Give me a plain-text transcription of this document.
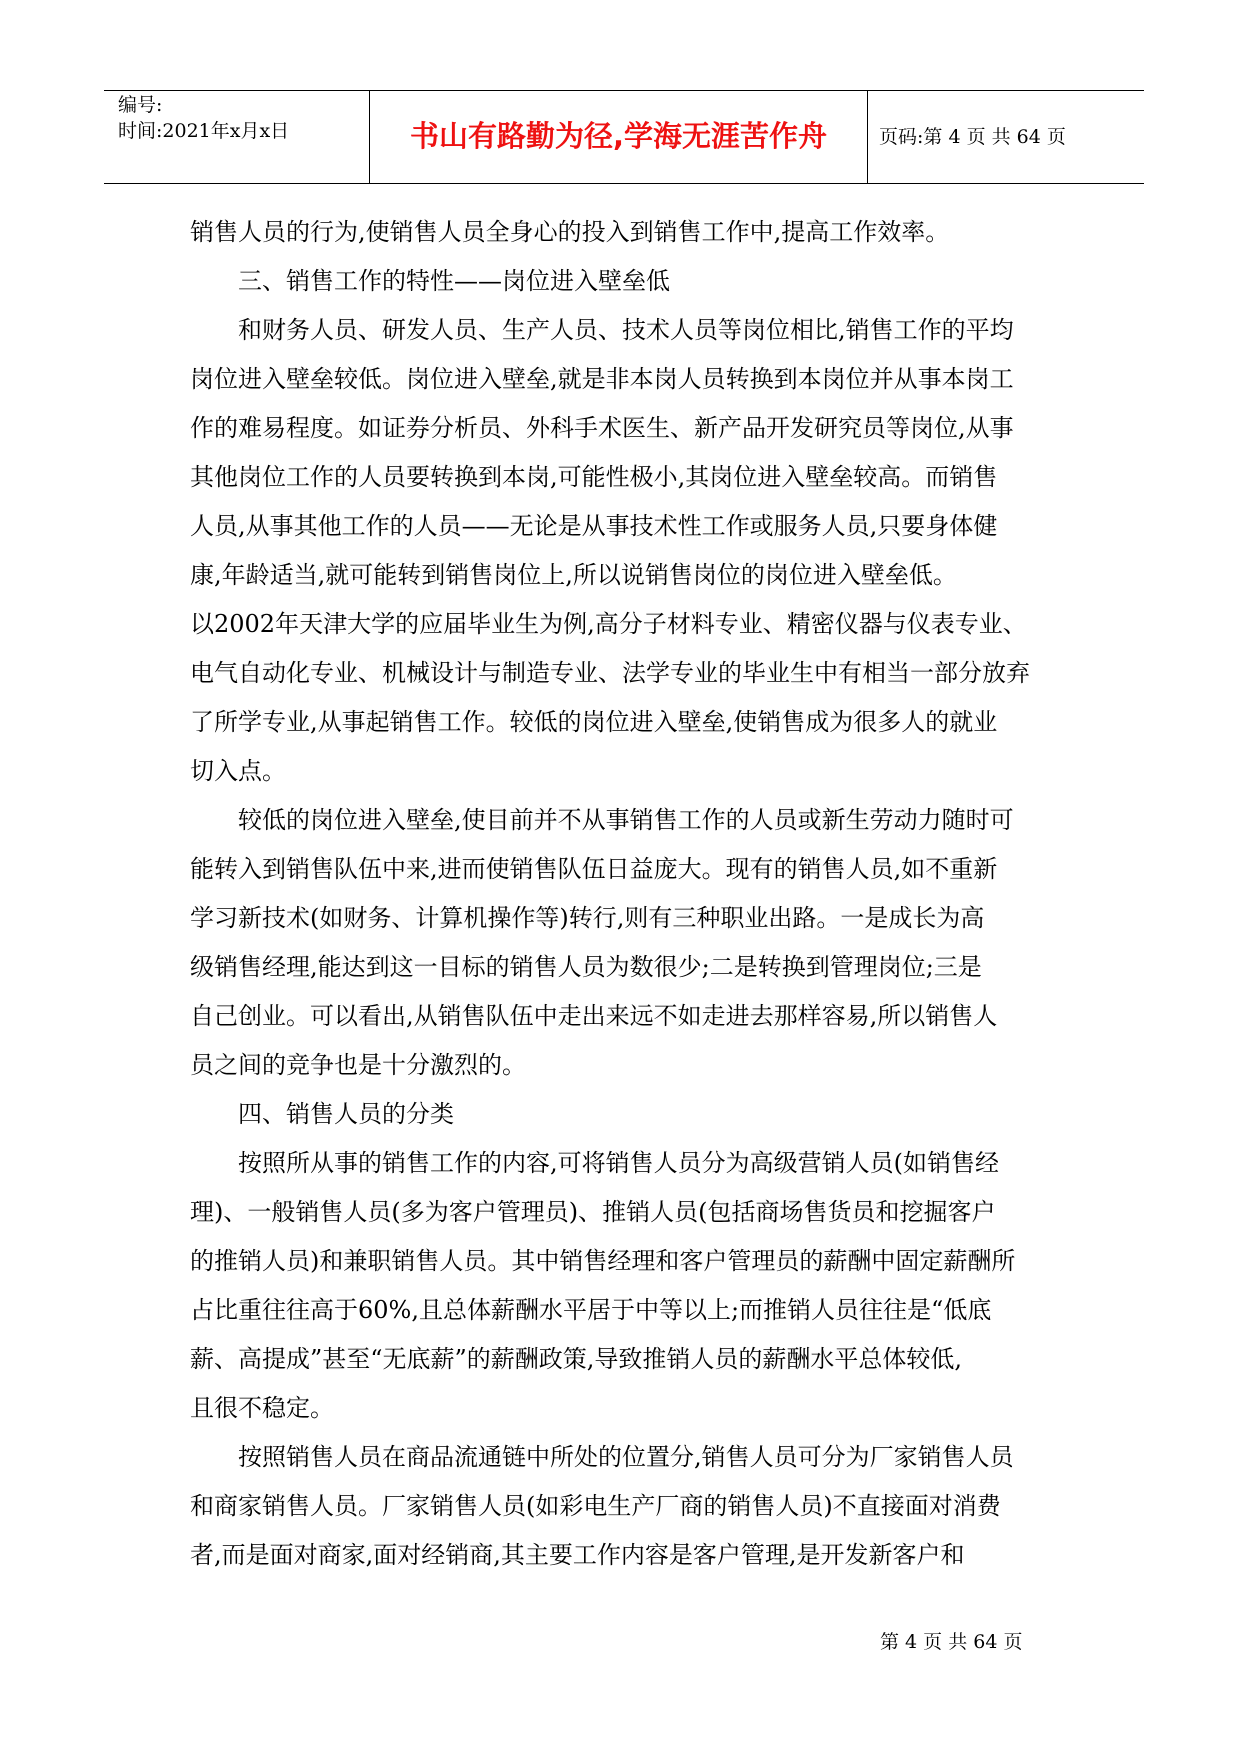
编号:
时间:2021年x月x日	书山有路勤为径,学海无涯苦作舟	页码:第 4 页 共 64 页

销售人员的行为,使销售人员全身心的投入到销售工作中,提高工作效率。

三、销售工作的特性——岗位进入壁垒低

和财务人员、研发人员、生产人员、技术人员等岗位相比,销售工作的平均

岗位进入壁垒较低。岗位进入壁垒,就是非本岗人员转换到本岗位并从事本岗工

作的难易程度。如证券分析员、外科手术医生、新产品开发研究员等岗位,从事

其他岗位工作的人员要转换到本岗,可能性极小,其岗位进入壁垒较高。而销售

人员,从事其他工作的人员——无论是从事技术性工作或服务人员,只要身体健

康,年龄适当,就可能转到销售岗位上,所以说销售岗位的岗位进入壁垒低。

以2002年天津大学的应届毕业生为例,高分子材料专业、精密仪器与仪表专业、

电气自动化专业、机械设计与制造专业、法学专业的毕业生中有相当一部分放弃

了所学专业,从事起销售工作。较低的岗位进入壁垒,使销售成为很多人的就业

切入点。

较低的岗位进入壁垒,使目前并不从事销售工作的人员或新生劳动力随时可

能转入到销售队伍中来,进而使销售队伍日益庞大。现有的销售人员,如不重新

学习新技术(如财务、计算机操作等)转行,则有三种职业出路。一是成长为高

级销售经理,能达到这一目标的销售人员为数很少;二是转换到管理岗位;三是

自己创业。可以看出,从销售队伍中走出来远不如走进去那样容易,所以销售人

员之间的竞争也是十分激烈的。

四、销售人员的分类

按照所从事的销售工作的内容,可将销售人员分为高级营销人员(如销售经

理)、一般销售人员(多为客户管理员)、推销人员(包括商场售货员和挖掘客户

的推销人员)和兼职销售人员。其中销售经理和客户管理员的薪酬中固定薪酬所

占比重往往高于60%,且总体薪酬水平居于中等以上;而推销人员往往是“低底

薪、高提成”甚至“无底薪”的薪酬政策,导致推销人员的薪酬水平总体较低,

且很不稳定。

按照销售人员在商品流通链中所处的位置分,销售人员可分为厂家销售人员

和商家销售人员。厂家销售人员(如彩电生产厂商的销售人员)不直接面对消费

者,而是面对商家,面对经销商,其主要工作内容是客户管理,是开发新客户和

第 4 页 共 64 页
